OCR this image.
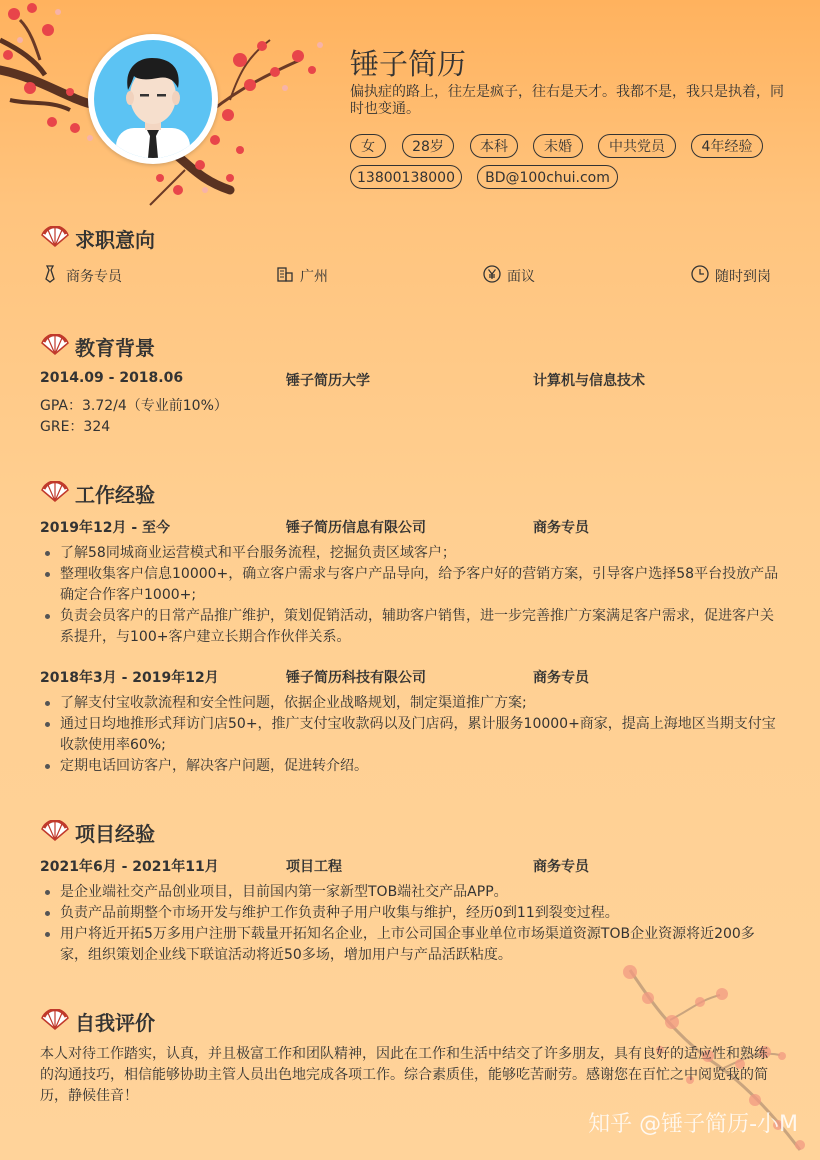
锤子简历
偏执症的路上，往左是疯子，往右是天才。我都不是，我只是执着，同时也变通。
女	28岁	本科	未婚	中共党员	4年经验
13800138000	BD@100chui.com
求职意向
商务专员	广州	面议	随时到岗
教育背景
2014.09 - 2018.06	锤子简历大学	计算机与信息技术
GPA：3.72/4（专业前10%）
GRE：324
工作经验
2019年12月 - 至今	锤子简历信息有限公司	商务专员
了解58同城商业运营模式和平台服务流程，挖掘负责区域客户；
整理收集客户信息10000+，确立客户需求与客户产品导向，给予客户好的营销方案，引导客户选择58平台投放产品确定合作客户1000+;
负责会员客户的日常产品推广维护，策划促销活动，辅助客户销售，进一步完善推广方案满足客户需求，促进客户关系提升，与100+客户建立长期合作伙伴关系。
2018年3月 - 2019年12月	锤子简历科技有限公司	商务专员
了解支付宝收款流程和安全性问题，依据企业战略规划，制定渠道推广方案;
通过日均地推形式拜访门店50+，推广支付宝收款码以及门店码，累计服务10000+商家，提高上海地区当期支付宝收款使用率60%;
定期电话回访客户，解决客户问题，促进转介绍。
项目经验
2021年6月 - 2021年11月	项目工程	商务专员
是企业端社交产品创业项目，目前国内第一家新型TOB端社交产品APP。
负责产品前期整个市场开发与维护工作负责种子用户收集与维护，经历0到11到裂变过程。
用户将近开拓5万多用户注册下载量开拓知名企业，上市公司国企事业单位市场渠道资源TOB企业资源将近200多家，组织策划企业线下联谊活动将近50多场，增加用户与产品活跃粘度。
自我评价
本人对待工作踏实，认真，并且极富工作和团队精神，因此在工作和生活中结交了许多朋友，具有良好的适应性和熟练的沟通技巧，相信能够协助主管人员出色地完成各项工作。综合素质佳，能够吃苦耐劳。感谢您在百忙之中阅览我的简历，静候佳音！
知乎 @锤子简历-小M
